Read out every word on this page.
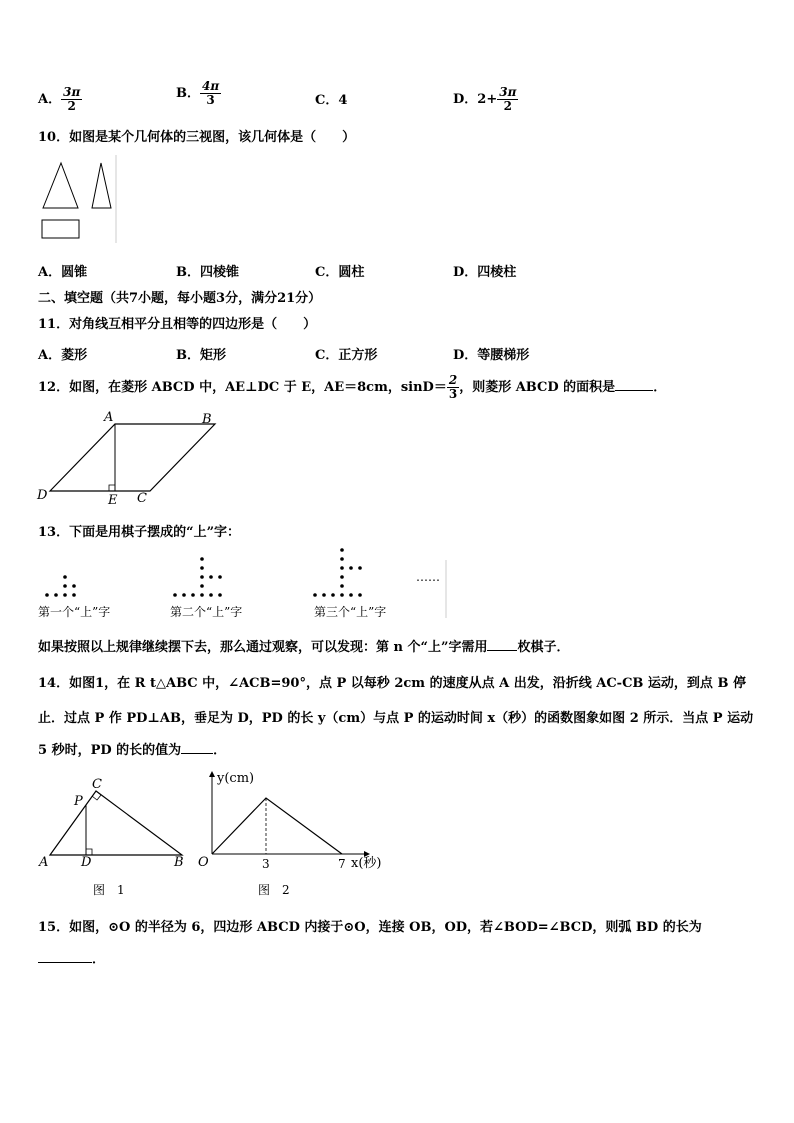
A． $\frac{3\pi}{2}$	B． $\frac{4\pi}{3}$	C．4	D．$2+ \frac{3\pi}{2}$
10．如图是某个几何体的三视图，该几何体是（　　）
A．圆锥	B．四棱锥	C．圆柱	D．四棱柱
二、填空题（共7小题，每小题3分，满分21分）
11．对角线互相平分且相等的四边形是（　　）
A．菱形	B．矩形	C．正方形	D．等腰梯形
12．如图，在菱形 ABCD 中，AE⊥DC 于 E，AE＝8cm，$\sin D= \frac{2}{3}$ ，则菱形 ABCD 的面积是	．
A	B
C
D	E
13．下面是用棋子摆成的“上”字：
第一个“上”字	第二个“上”字	第三个“上”字
……
如果按照以上规律继续摆下去，那么通过观察，可以发现：第 n 个“上”字需用 枚棋子．
14．如图1，在 R t△ABC 中，∠ACB=90°，点 P 以每秒 2cm 的速度从点 A 出发，沿折线 AC-CB 运动，到点 B 停
止．过点 P 作 PD⊥AB，垂足为 D，PD 的长 y（cm）与点 P 的运动时间 x（秒）的函数图象如图 2 所示．当点 P 运动
5 秒时，PD 的长的值为 ．
A	B
C
D
P
图　1
y(cm)
x(秒)
O	3	7
图　2
15．如图，⊙O 的半径为 6，四边形 ABCD 内接于⊙O，连接 OB，OD，若∠BOD=∠BCD，则弧 BD 的长为
．
